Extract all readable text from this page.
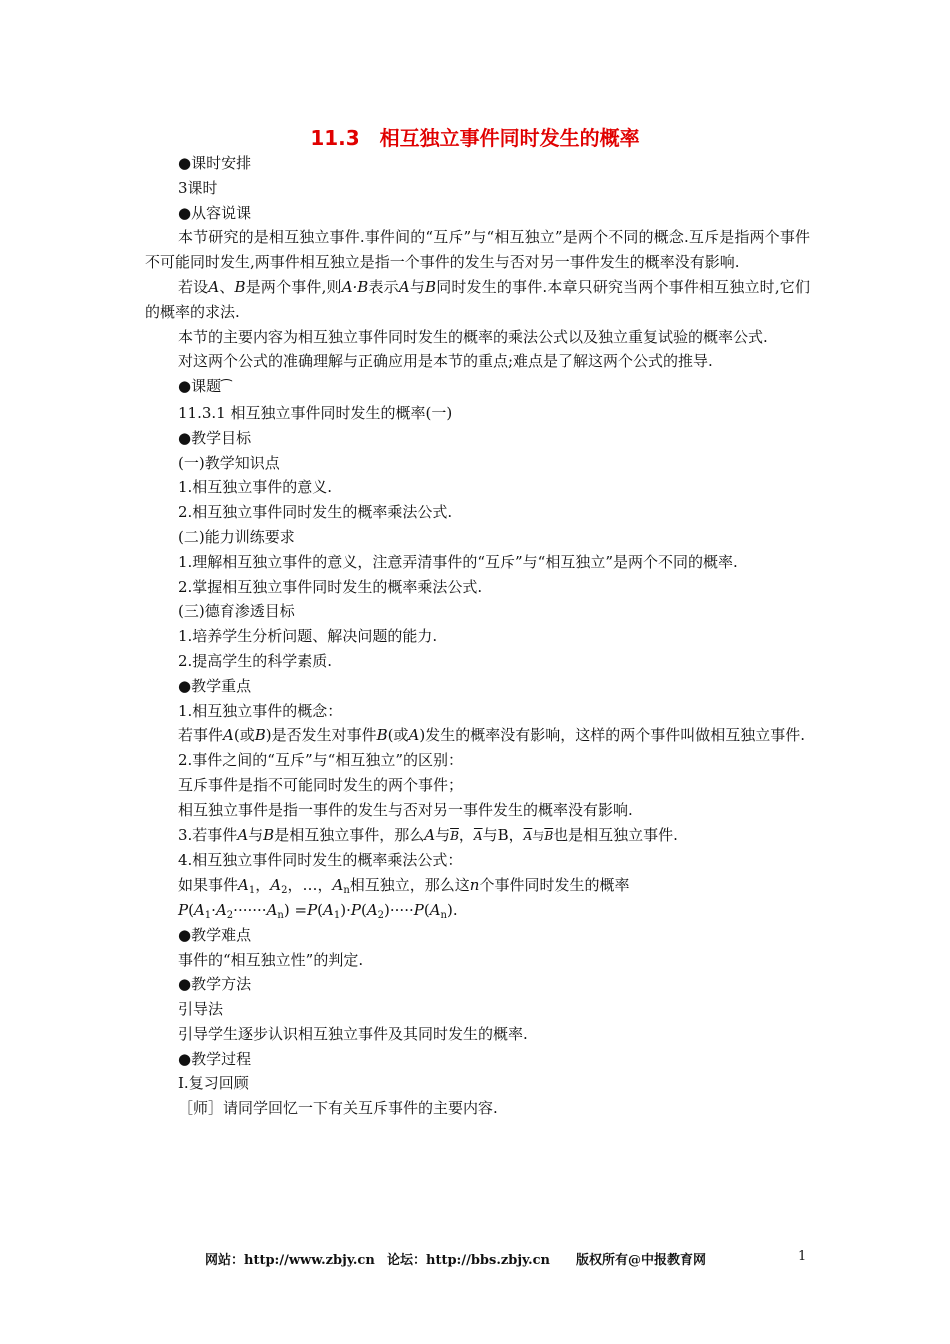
11.3　相互独立事件同时发生的概率

●课时安排

3课时

●从容说课

本节研究的是相互独立事件.事件间的“互斥”与“相互独立”是两个不同的概念.互斥是指两个事件不可能同时发生,两事件相互独立是指一个事件的发生与否对另一事件发生的概率没有影响.

若设A、B是两个事件,则A·B表示A与B同时发生的事件.本章只研究当两个事件相互独立时,它们的概率的求法.

本节的主要内容为相互独立事件同时发生的概率的乘法公式以及独立重复试验的概率公式.

对这两个公式的准确理解与正确应用是本节的重点;难点是了解这两个公式的推导.

●课题⁀

11.3.1 相互独立事件同时发生的概率(一)

●教学目标

(一)教学知识点

1.相互独立事件的意义.

2.相互独立事件同时发生的概率乘法公式.

(二)能力训练要求

1.理解相互独立事件的意义，注意弄清事件的“互斥”与“相互独立”是两个不同的概率.

2.掌握相互独立事件同时发生的概率乘法公式.

(三)德育渗透目标

1.培养学生分析问题、解决问题的能力.

2.提高学生的科学素质.

●教学重点

1.相互独立事件的概念：

若事件A(或B)是否发生对事件B(或A)发生的概率没有影响，这样的两个事件叫做相互独立事件.

2.事件之间的“互斥”与“相互独立”的区别：

互斥事件是指不可能同时发生的两个事件；

相互独立事件是指一事件的发生与否对另一事件发生的概率没有影响.

3.若事件A与B是相互独立事件，那么A与$\overline{B}$，$\overline{A}$与B，$\overline{A}$与$\overline{B}$也是相互独立事件.

4.相互独立事件同时发生的概率乘法公式：

如果事件$A_1$，$A_2$，…，$A_n$相互独立，那么这n个事件同时发生的概率

$P(A_1\cdot A_2\cdot\cdot\cdot\cdot\cdot\cdot\cdot A_n) =P(A_1)\cdot P(A_2)\cdot\cdot\cdot\cdot\cdot P(A_n)$.

●教学难点

事件的“相互独立性”的判定.

●教学方法

引导法

引导学生逐步认识相互独立事件及其同时发生的概率.

●教学过程

Ⅰ.复习回顾

［师］请同学回忆一下有关互斥事件的主要内容.

网站：http://www.zbjy.cn 论坛：http://bbs.zbjy.cn 版权所有@中报教育网	1
